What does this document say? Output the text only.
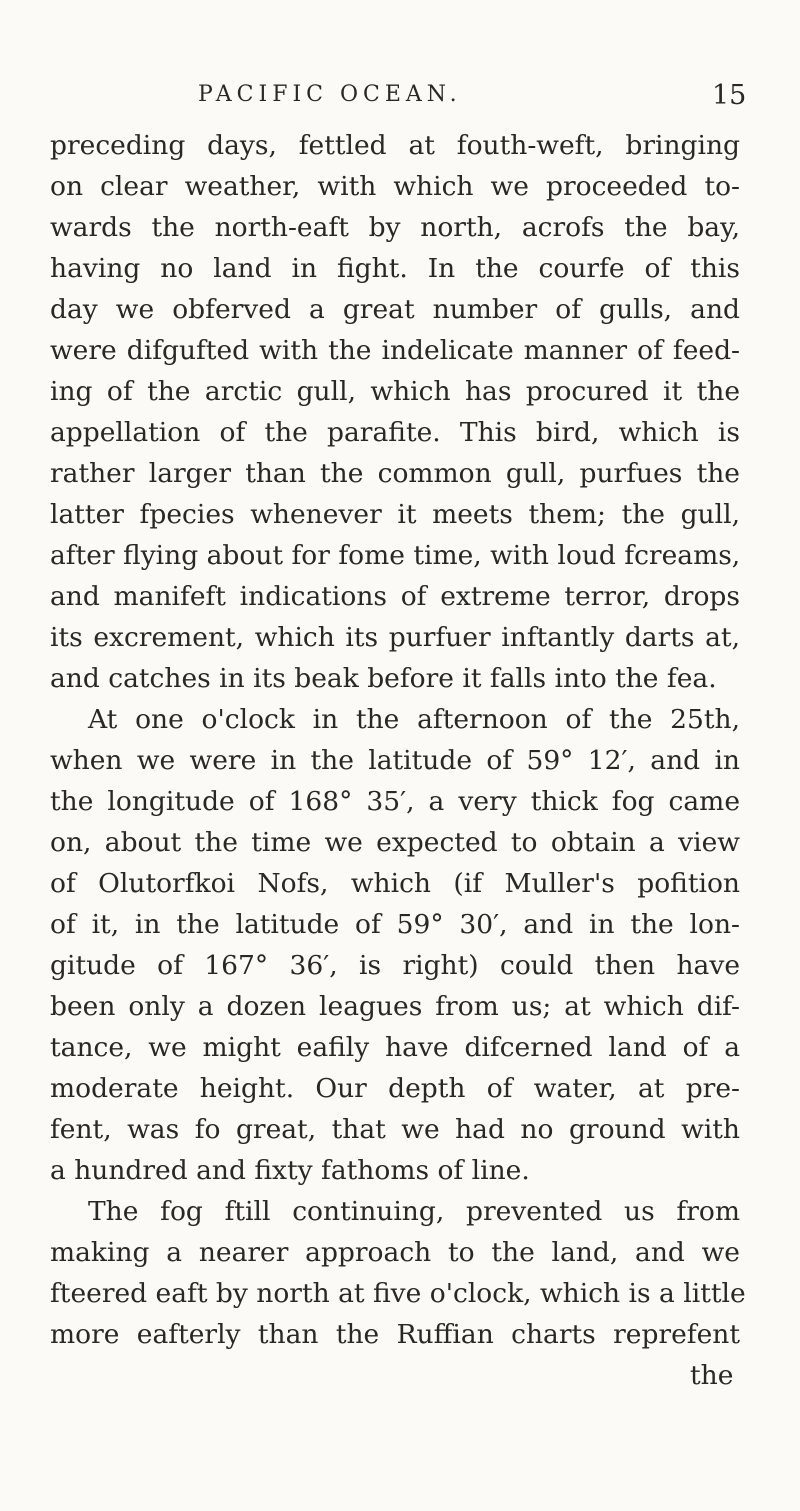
PACIFIC OCEAN.	15
preceding days, fettled at fouth-weft, bringing
on clear weather, with which we proceeded to-
wards the north-eaft by north, acrofs the bay,
having no land in fight. In the courfe of this
day we obferved a great number of gulls, and
were difgufted with the indelicate manner of feed-
ing of the arctic gull, which has procured it the
appellation of the parafite. This bird, which is
rather larger than the common gull, purfues the
latter fpecies whenever it meets them; the gull,
after flying about for fome time, with loud fcreams,
and manifeft indications of extreme terror, drops
its excrement, which its purfuer inftantly darts at,
and catches in its beak before it falls into the fea.
At one o'clock in the afternoon of the 25th,
when we were in the latitude of 59° 12′, and in
the longitude of 168° 35′, a very thick fog came
on, about the time we expected to obtain a view
of Olutorfkoi Nofs, which (if Muller's pofition
of it, in the latitude of 59° 30′, and in the lon-
gitude of 167° 36′, is right) could then have
been only a dozen leagues from us; at which dif-
tance, we might eafily have difcerned land of a
moderate height. Our depth of water, at pre-
fent, was fo great, that we had no ground with
a hundred and fixty fathoms of line.
The fog ftill continuing, prevented us from
making a nearer approach to the land, and we
fteered eaft by north at five o'clock, which is a little
more eafterly than the Ruffian charts reprefent
the
